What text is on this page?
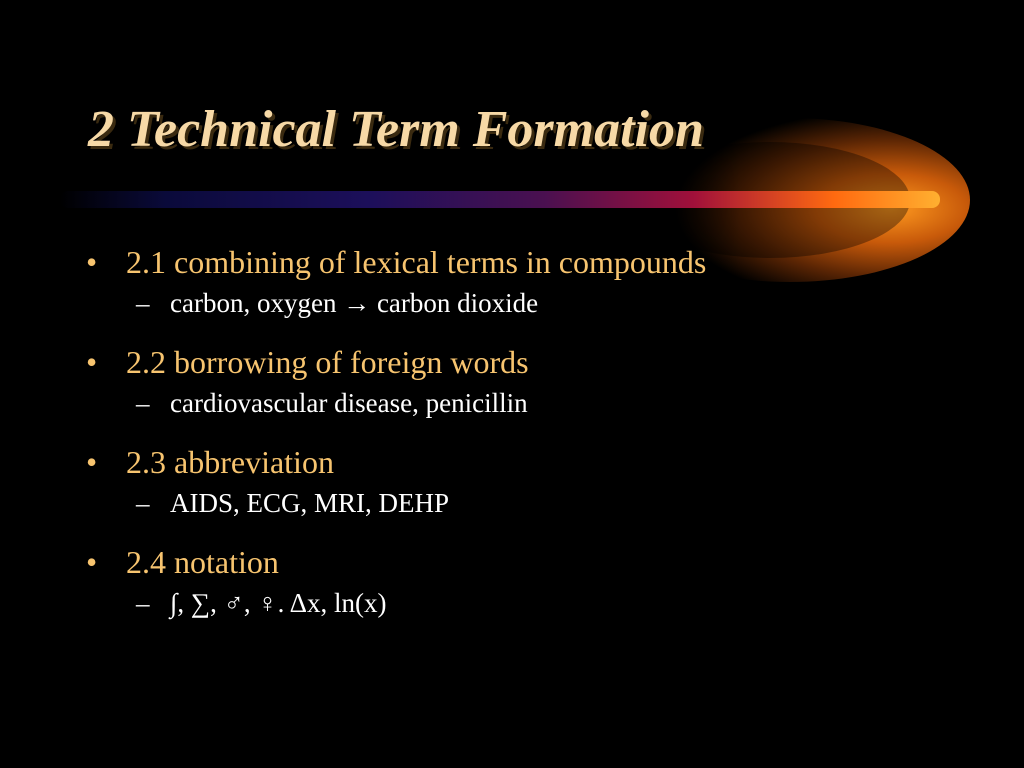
2 Technical Term Formation
• 2.1 combining of lexical terms in compounds
– carbon, oxygen → carbon dioxide
• 2.2 borrowing of foreign words
– cardiovascular disease, penicillin
• 2.3 abbreviation
– AIDS, ECG, MRI, DEHP
• 2.4 notation
– ∫, ∑, ♂, ♀. Δx, ln(x)
